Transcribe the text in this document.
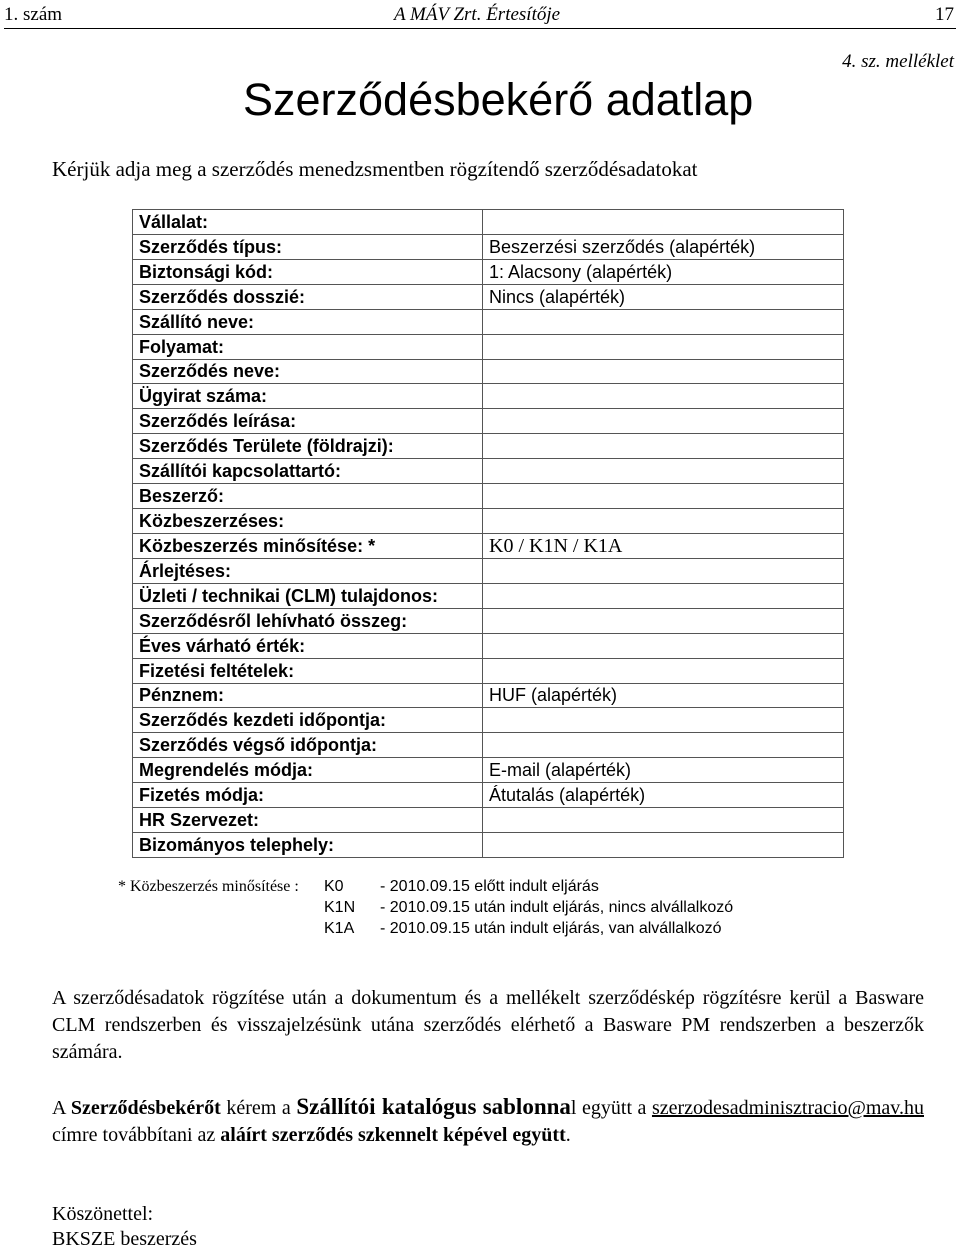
1. szám	A MÁV Zrt. Értesítője	17
4. sz. melléklet
Szerződésbekérő adatlap
Kérjük adja meg a szerződés menedzsmentben rögzítendő szerződésadatokat
Vállalat:	
Szerződés típus:	Beszerzési szerződés (alapérték)
Biztonsági kód:	1: Alacsony (alapérték)
Szerződés dosszié:	Nincs (alapérték)
Szállító neve:	
Folyamat:	
Szerződés neve:	
Ügyirat száma:	
Szerződés leírása:	
Szerződés Területe (földrajzi):	
Szállítói kapcsolattartó:	
Beszerző:	
Közbeszerzéses:	
Közbeszerzés minősítése: *	K0 / K1N / K1A
Árlejtéses:	
Üzleti / technikai (CLM) tulajdonos:	
Szerződésről lehívható összeg:	
Éves várható érték:	
Fizetési feltételek:	
Pénznem:	HUF (alapérték)
Szerződés kezdeti időpontja:	
Szerződés végső időpontja:	
Megrendelés módja:	E-mail (alapérték)
Fizetés módja:	Átutalás (alapérték)
HR Szervezet:	
Bizományos telephely:	
* Közbeszerzés minősítése : K0 - 2010.09.15 előtt indult eljárás
K1N - 2010.09.15 után indult eljárás, nincs alvállalkozó
K1A - 2010.09.15 után indult eljárás, van alvállalkozó
A szerződésadatok rögzítése után a dokumentum és a mellékelt szerződéskép rögzítésre kerül a Basware CLM rendszerben és visszajelzésünk utána szerződés elérhető a Basware PM rendszerben a beszerzők számára.
A Szerződésbekérőt kérem a Szállítói katalógus sablonnal együtt a szerzodesadminisztracio@mav.hu címre továbbítani az aláírt szerződés szkennelt képével együtt.
Köszönettel:
BKSZE beszerzés
